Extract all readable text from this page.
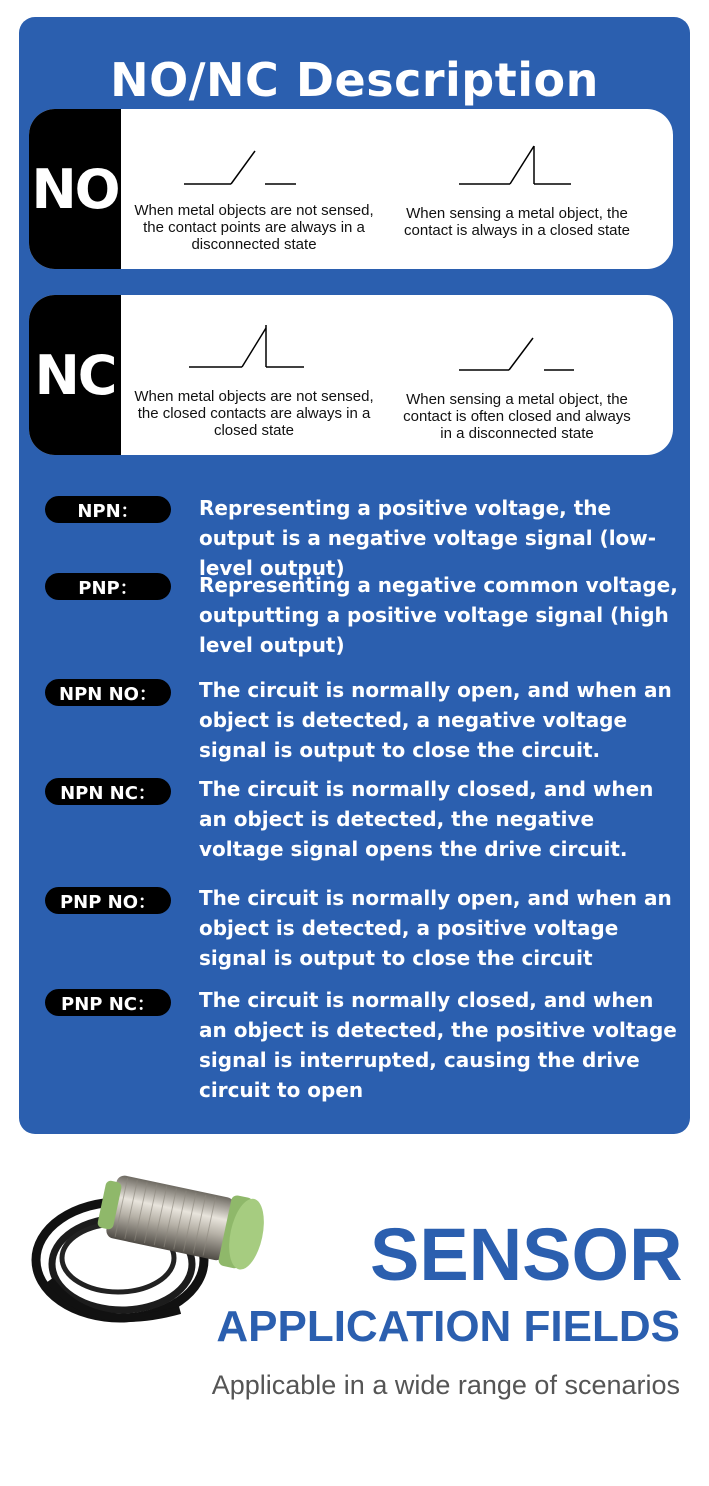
NO/NC Description
NO	When metal objects are not sensed, the contact points are always in a disconnected state
When sensing a metal object, the contact is always in a closed state
NC	When metal objects are not sensed, the closed contacts are always in a closed state
When sensing a metal object, the contact is often closed and always in a disconnected state
NPN：	Representing a positive voltage, the output is a negative voltage signal (low-level output)
PNP：	Representing a negative common voltage, outputting a positive voltage signal (high level output)
NPN NO：	The circuit is normally open, and when an object is detected, a negative voltage signal is output to close the circuit.
NPN NC：	The circuit is normally closed, and when an object is detected, the negative voltage signal opens the drive circuit.
PNP NO：	The circuit is normally open, and when an object is detected, a positive voltage signal is output to close the circuit
PNP NC：	The circuit is normally closed, and when an object is detected, the positive voltage signal is interrupted, causing the drive circuit to open
SENSOR
APPLICATION FIELDS
Applicable in a wide range of scenarios
